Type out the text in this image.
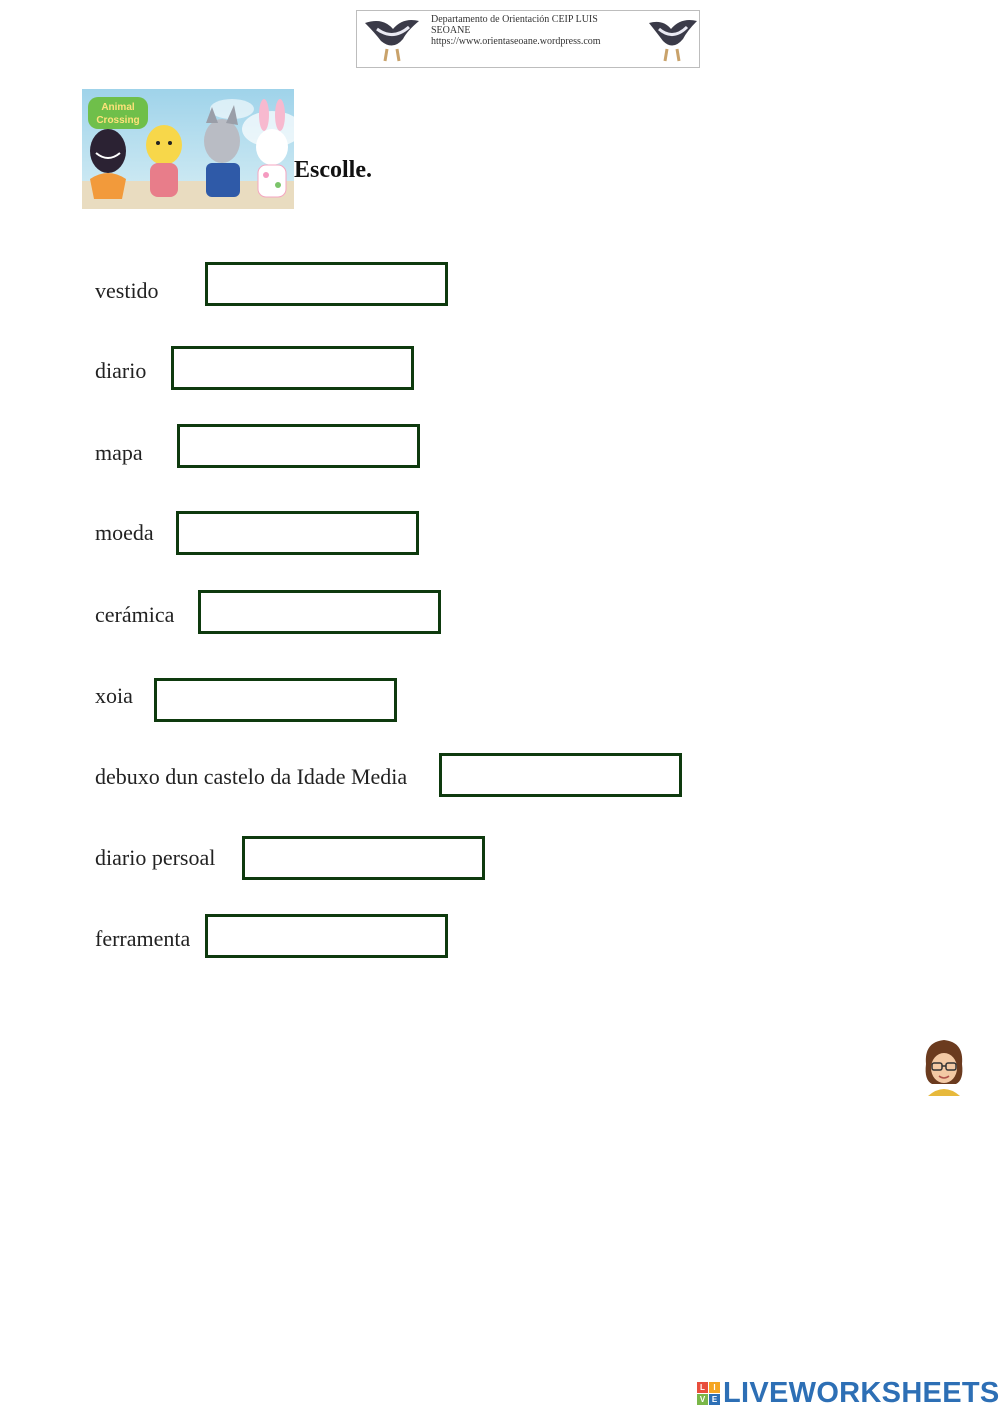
Departamento de Orientación CEIP LUIS
SEOANE
https://www.orientaseoane.wordpress.com
Animal
Crossing
Escolle.
vestido
diario
mapa
moeda
cerámica
xoia
debuxo dun castelo da Idade Media
diario persoal
ferramenta
L	I
V E LIVEWORKSHEETS
